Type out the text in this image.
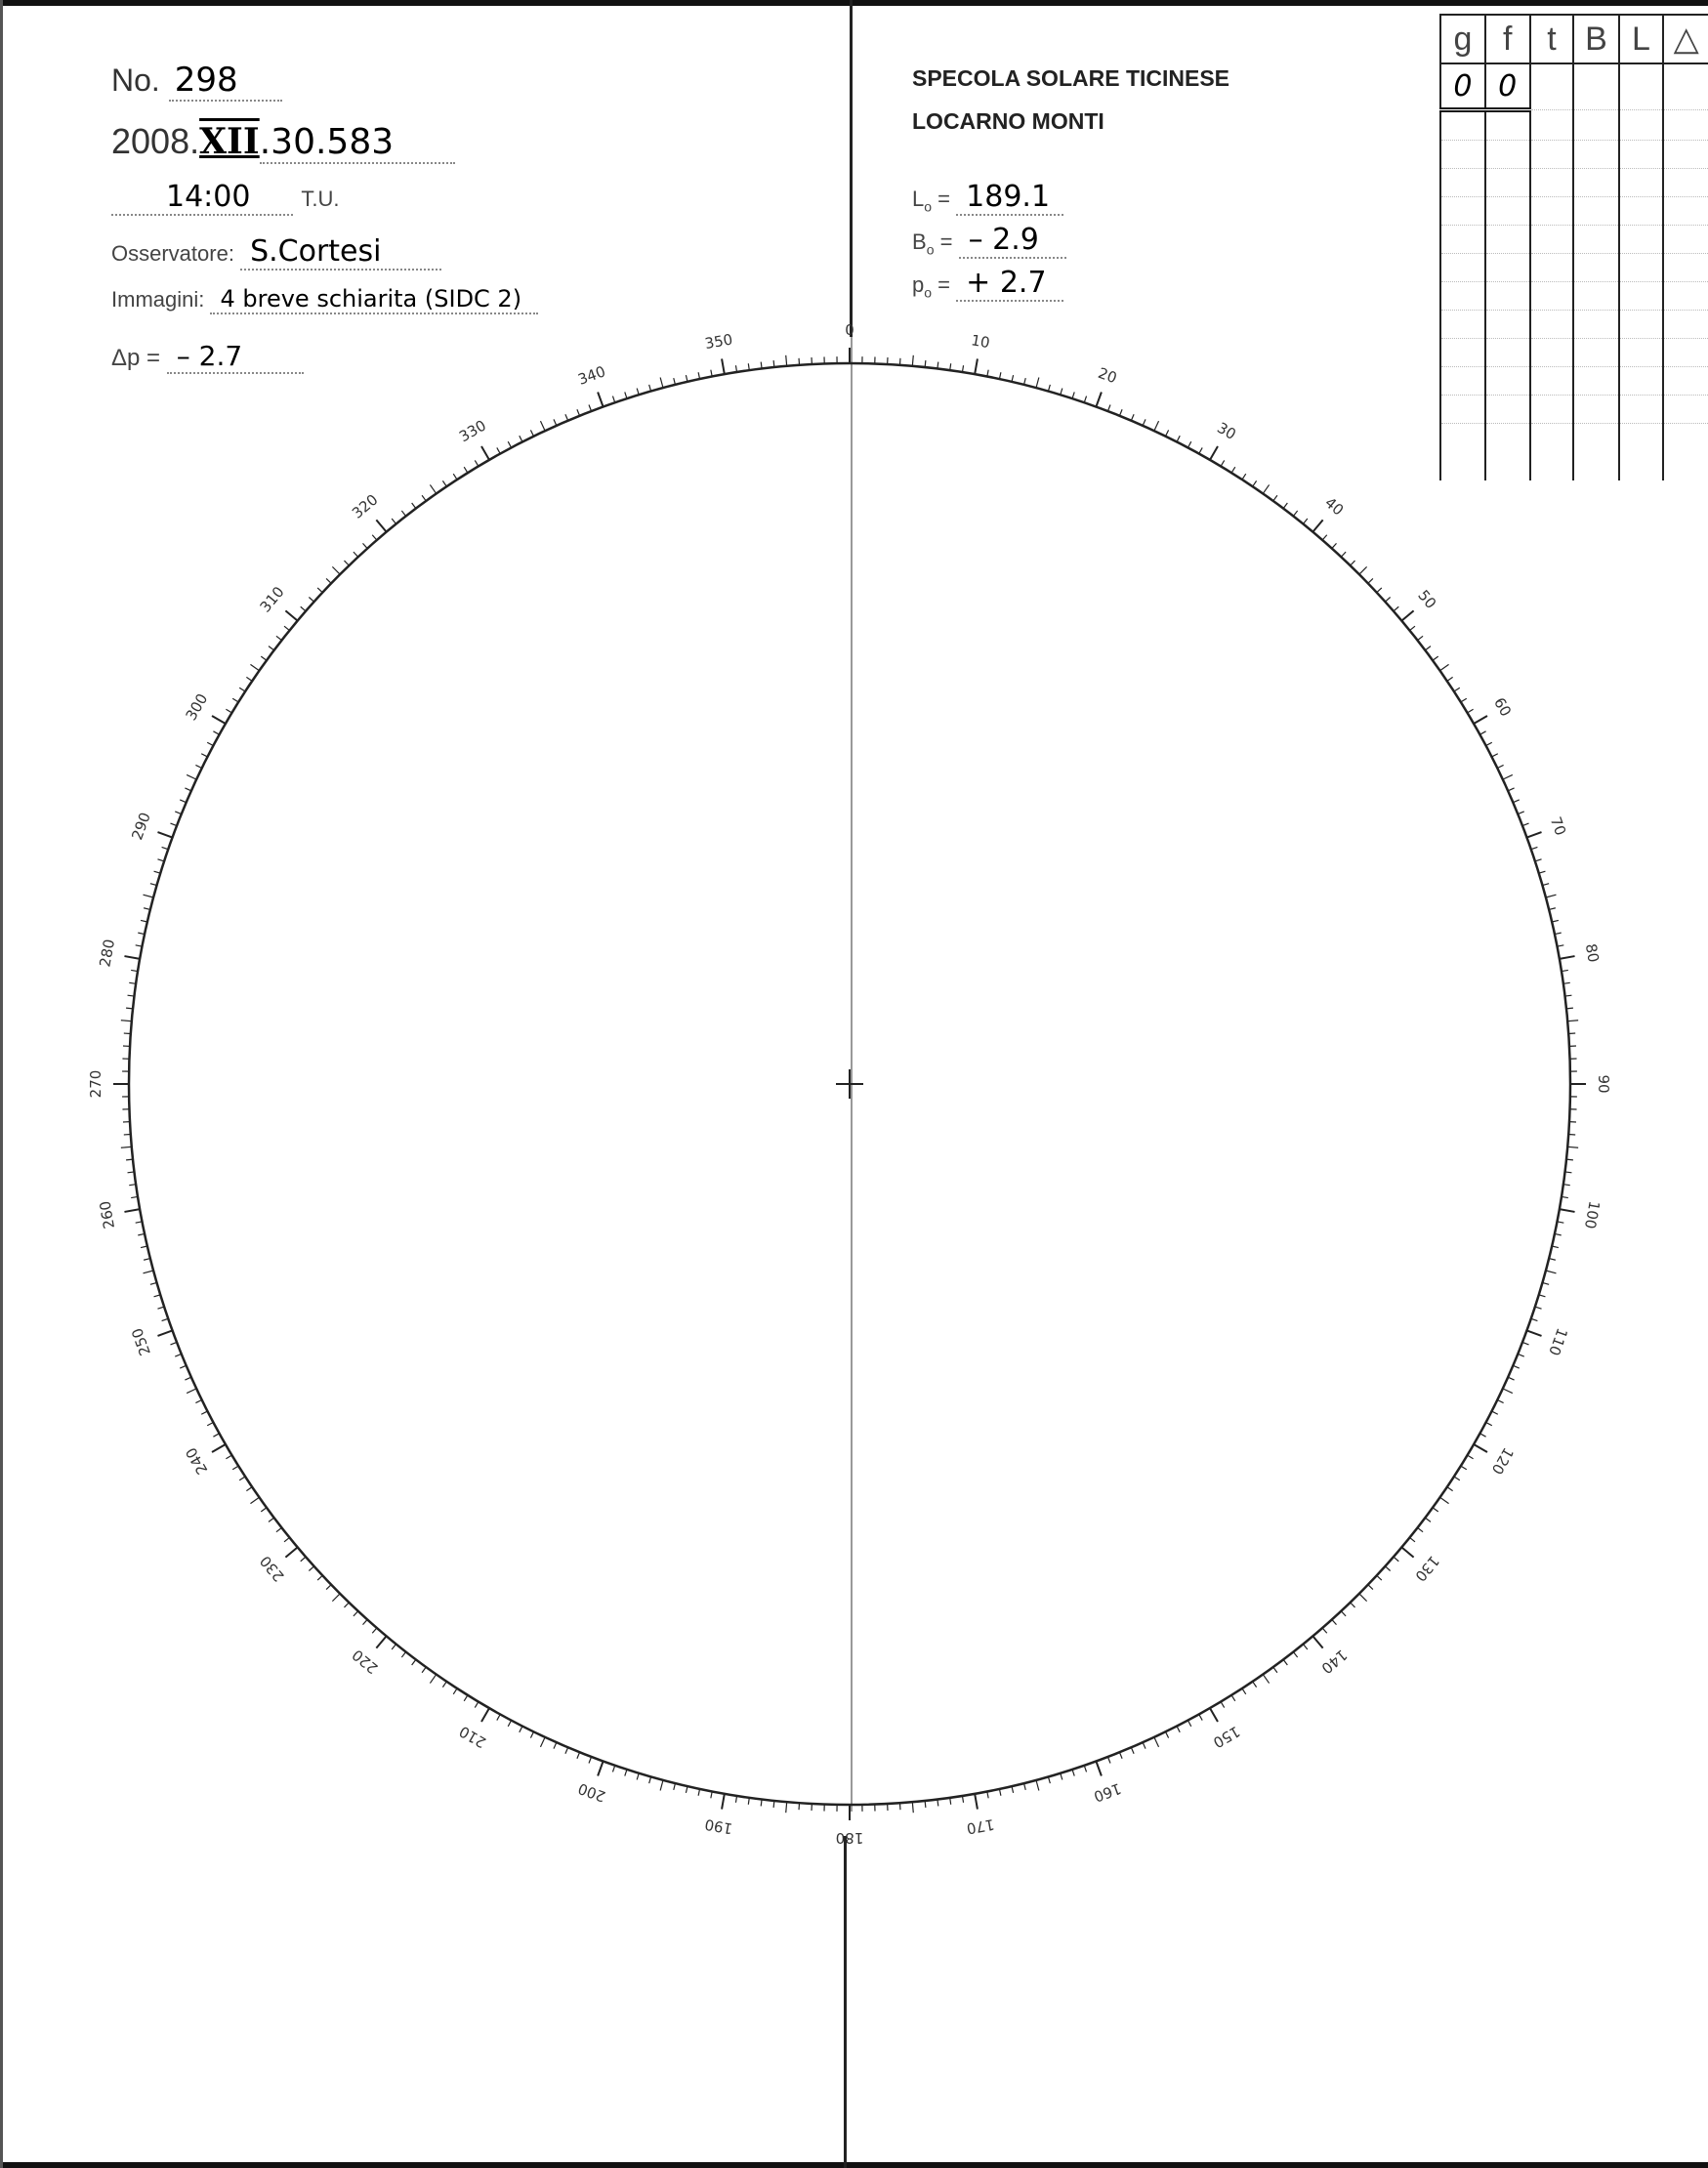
No. 298
2008.XII.30.583
14:00 T.U.
Osservatore: S.Cortesi
Immagini: 4 breve schiarita (SIDC 2)
Δp = – 2.7
SPECOLA SOLARE TICINESE
LOCARNO MONTI
$L_o = 189.1$
$B_o$ = – 2.9
$p_o$ = + 2.7
g	f	t	B	L	△
0	0				

0
10
20
30
40
50
60
70
80
90
100
110
120
130
140
150
160
170
180
190
200
210
220
230
240
250
260
270
280
290
300
310
320
330
340
350
